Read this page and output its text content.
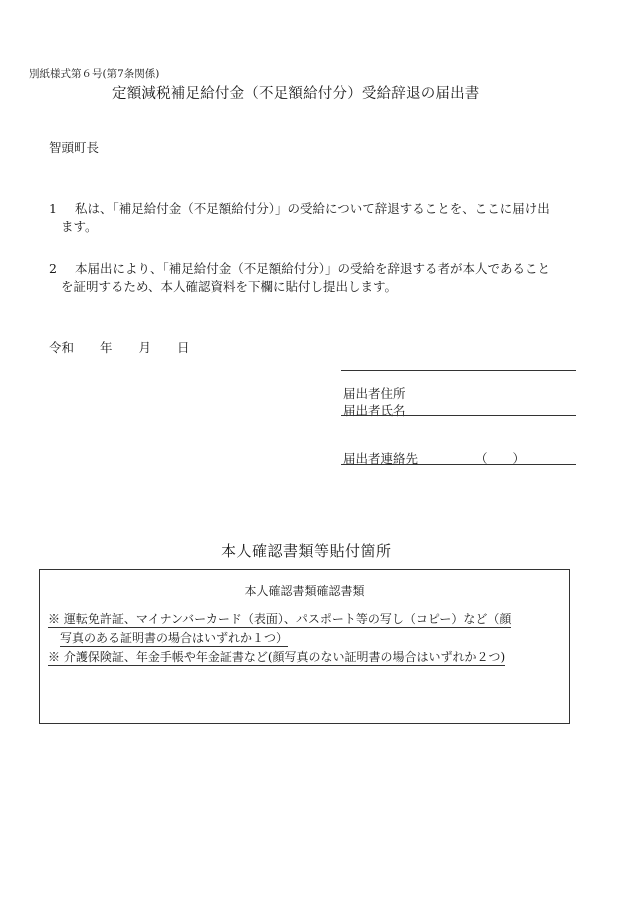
別紙様式第６号(第7条関係)
定額減税補足給付金（不足額給付分）受給辞退の届出書
智頭町長
1 私は、「補足給付金（不足額給付分）」の受給について辞退することを、ここに届け出
ます。
2 本届出により、「補足給付金（不足額給付分）」の受給を辞退する者が本人であること
を証明するため、本人確認資料を下欄に貼付し提出します。
令和 年 月 日
届出者住所
届出者氏名
届出者連絡先	（　　）
本人確認書類等貼付箇所
本人確認書類確認書類
※ 運転免許証、マイナンバーカード（表面）、パスポート等の写し（コピー）など（顔
写真のある証明書の場合はいずれか１つ）
※ 介護保険証、年金手帳や年金証書など(顔写真のない証明書の場合はいずれか２つ)
